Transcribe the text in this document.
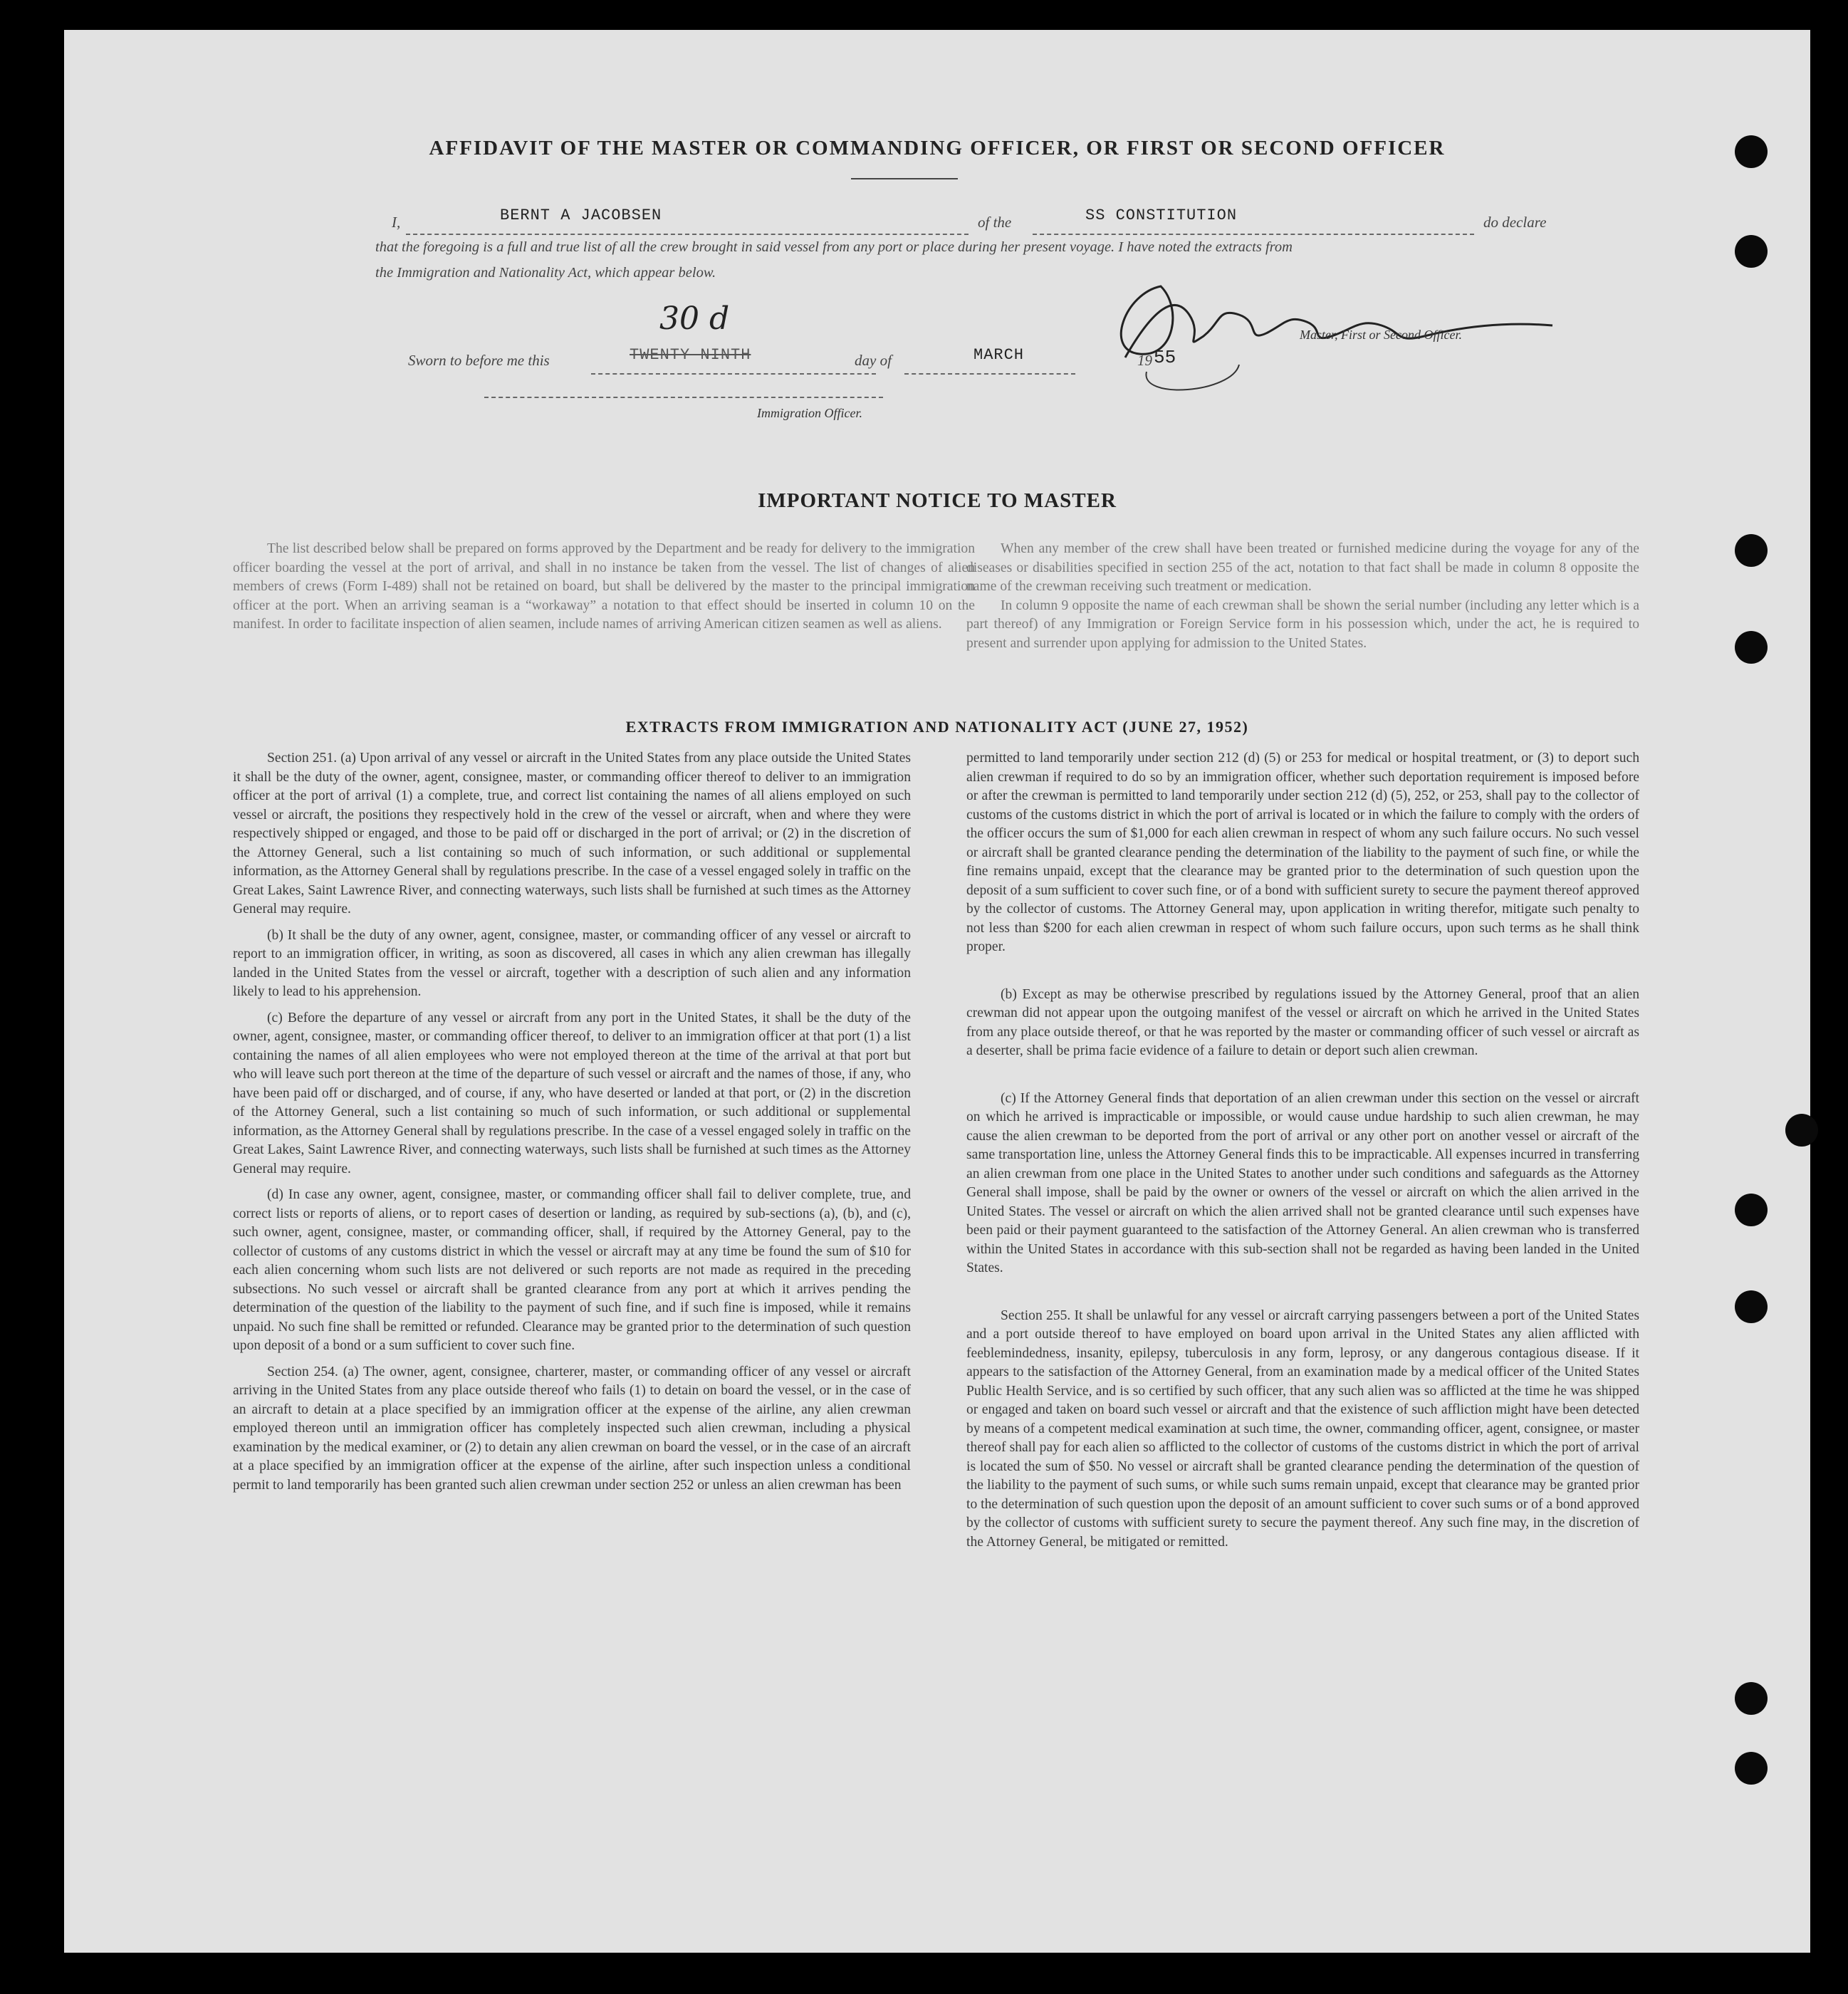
AFFIDAVIT OF THE MASTER OR COMMANDING OFFICER, OR FIRST OR SECOND OFFICER
I,	BERNT A JACOBSEN	of the	SS CONSTITUTION	do declare
that the foregoing is a full and true list of all the crew brought in said vessel from any port or place during her present voyage. I have noted the extracts from
the Immigration and Nationality Act, which appear below.
Master, First or Second Officer.
Sworn to before me this	TWENTY NINTH
30 d
day of	MARCH	19 55
Immigration Officer.
IMPORTANT NOTICE TO MASTER

The list described below shall be prepared on forms approved by the Department and be ready for delivery to the immigration officer boarding the vessel at the port of arrival, and shall in no instance be taken from the vessel. The list of changes of alien members of crews (Form I-489) shall not be retained on board, but shall be delivered by the master to the principal immigration officer at the port. When an arriving seaman is a “workaway” a notation to that effect should be inserted in column 10 on the manifest. In order to facilitate inspection of alien seamen, include names of arriving American citizen seamen as well as aliens.

When any member of the crew shall have been treated or furnished medicine during the voyage for any of the diseases or disabilities specified in section 255 of the act, notation to that fact shall be made in column 8 opposite the name of the crewman receiving such treatment or medication.

In column 9 opposite the name of each crewman shall be shown the serial number (including any letter which is a part thereof) of any Immigration or Foreign Service form in his possession which, under the act, he is required to present and surrender upon applying for admission to the United States.

EXTRACTS FROM IMMIGRATION AND NATIONALITY ACT (JUNE 27, 1952)

Section 251. (a) Upon arrival of any vessel or aircraft in the United States from any place outside the United States it shall be the duty of the owner, agent, consignee, master, or commanding officer thereof to deliver to an immigration officer at the port of arrival (1) a complete, true, and correct list containing the names of all aliens employed on such vessel or aircraft, the positions they respectively hold in the crew of the vessel or aircraft, when and where they were respectively shipped or engaged, and those to be paid off or discharged in the port of arrival; or (2) in the discretion of the Attorney General, such a list containing so much of such information, or such additional or supplemental information, as the Attorney General shall by regulations prescribe. In the case of a vessel engaged solely in traffic on the Great Lakes, Saint Lawrence River, and connecting waterways, such lists shall be furnished at such times as the Attorney General may require.

(b) It shall be the duty of any owner, agent, consignee, master, or commanding officer of any vessel or aircraft to report to an immigration officer, in writing, as soon as discovered, all cases in which any alien crewman has illegally landed in the United States from the vessel or aircraft, together with a description of such alien and any information likely to lead to his apprehension.

(c) Before the departure of any vessel or aircraft from any port in the United States, it shall be the duty of the owner, agent, consignee, master, or commanding officer thereof, to deliver to an immigration officer at that port (1) a list containing the names of all alien employees who were not employed thereon at the time of the arrival at that port but who will leave such port thereon at the time of the departure of such vessel or aircraft and the names of those, if any, who have been paid off or discharged, and of course, if any, who have deserted or landed at that port, or (2) in the discretion of the Attorney General, such a list containing so much of such information, or such additional or supplemental information, as the Attorney General shall by regulations prescribe. In the case of a vessel engaged solely in traffic on the Great Lakes, Saint Lawrence River, and connecting waterways, such lists shall be furnished at such times as the Attorney General may require.

(d) In case any owner, agent, consignee, master, or commanding officer shall fail to deliver complete, true, and correct lists or reports of aliens, or to report cases of desertion or landing, as required by sub-sections (a), (b), and (c), such owner, agent, consignee, master, or commanding officer, shall, if required by the Attorney General, pay to the collector of customs of any customs district in which the vessel or aircraft may at any time be found the sum of $10 for each alien concerning whom such lists are not delivered or such reports are not made as required in the preceding subsections. No such vessel or aircraft shall be granted clearance from any port at which it arrives pending the determination of the question of the liability to the payment of such fine, and if such fine is imposed, while it remains unpaid. No such fine shall be remitted or refunded. Clearance may be granted prior to the determination of such question upon deposit of a bond or a sum sufficient to cover such fine.

Section 254. (a) The owner, agent, consignee, charterer, master, or commanding officer of any vessel or aircraft arriving in the United States from any place outside thereof who fails (1) to detain on board the vessel, or in the case of an aircraft to detain at a place specified by an immigration officer at the expense of the airline, any alien crewman employed thereon until an immigration officer has completely inspected such alien crewman, including a physical examination by the medical examiner, or (2) to detain any alien crewman on board the vessel, or in the case of an aircraft at a place specified by an immigration officer at the expense of the airline, after such inspection unless a conditional permit to land temporarily has been granted such alien crewman under section 252 or unless an alien crewman has been

permitted to land temporarily under section 212 (d) (5) or 253 for medical or hospital treatment, or (3) to deport such alien crewman if required to do so by an immigration officer, whether such deportation requirement is imposed before or after the crewman is permitted to land temporarily under section 212 (d) (5), 252, or 253, shall pay to the collector of customs of the customs district in which the port of arrival is located or in which the failure to comply with the orders of the officer occurs the sum of $1,000 for each alien crewman in respect of whom any such failure occurs. No such vessel or aircraft shall be granted clearance pending the determination of the liability to the payment of such fine, or while the fine remains unpaid, except that the clearance may be granted prior to the determination of such question upon the deposit of a sum sufficient to cover such fine, or of a bond with sufficient surety to secure the payment thereof approved by the collector of customs. The Attorney General may, upon application in writing therefor, mitigate such penalty to not less than $200 for each alien crewman in respect of whom such failure occurs, upon such terms as he shall think proper.

(b) Except as may be otherwise prescribed by regulations issued by the Attorney General, proof that an alien crewman did not appear upon the outgoing manifest of the vessel or aircraft on which he arrived in the United States from any place outside thereof, or that he was reported by the master or commanding officer of such vessel or aircraft as a deserter, shall be prima facie evidence of a failure to detain or deport such alien crewman.

(c) If the Attorney General finds that deportation of an alien crewman under this section on the vessel or aircraft on which he arrived is impracticable or impossible, or would cause undue hardship to such alien crewman, he may cause the alien crewman to be deported from the port of arrival or any other port on another vessel or aircraft of the same transportation line, unless the Attorney General finds this to be impracticable. All expenses incurred in transferring an alien crewman from one place in the United States to another under such conditions and safeguards as the Attorney General shall impose, shall be paid by the owner or owners of the vessel or aircraft on which the alien arrived in the United States. The vessel or aircraft on which the alien arrived shall not be granted clearance until such expenses have been paid or their payment guaranteed to the satisfaction of the Attorney General. An alien crewman who is transferred within the United States in accordance with this sub-section shall not be regarded as having been landed in the United States.

Section 255. It shall be unlawful for any vessel or aircraft carrying passengers between a port of the United States and a port outside thereof to have employed on board upon arrival in the United States any alien afflicted with feeblemindedness, insanity, epilepsy, tuberculosis in any form, leprosy, or any dangerous contagious disease. If it appears to the satisfaction of the Attorney General, from an examination made by a medical officer of the United States Public Health Service, and is so certified by such officer, that any such alien was so afflicted at the time he was shipped or engaged and taken on board such vessel or aircraft and that the existence of such affliction might have been detected by means of a competent medical examination at such time, the owner, commanding officer, agent, consignee, or master thereof shall pay for each alien so afflicted to the collector of customs of the customs district in which the port of arrival is located the sum of $50. No vessel or aircraft shall be granted clearance pending the determination of the question of the liability to the payment of such sums, or while such sums remain unpaid, except that clearance may be granted prior to the determination of such question upon the deposit of an amount sufficient to cover such sums or of a bond approved by the collector of customs with sufficient surety to secure the payment thereof. Any such fine may, in the discretion of the Attorney General, be mitigated or remitted.
